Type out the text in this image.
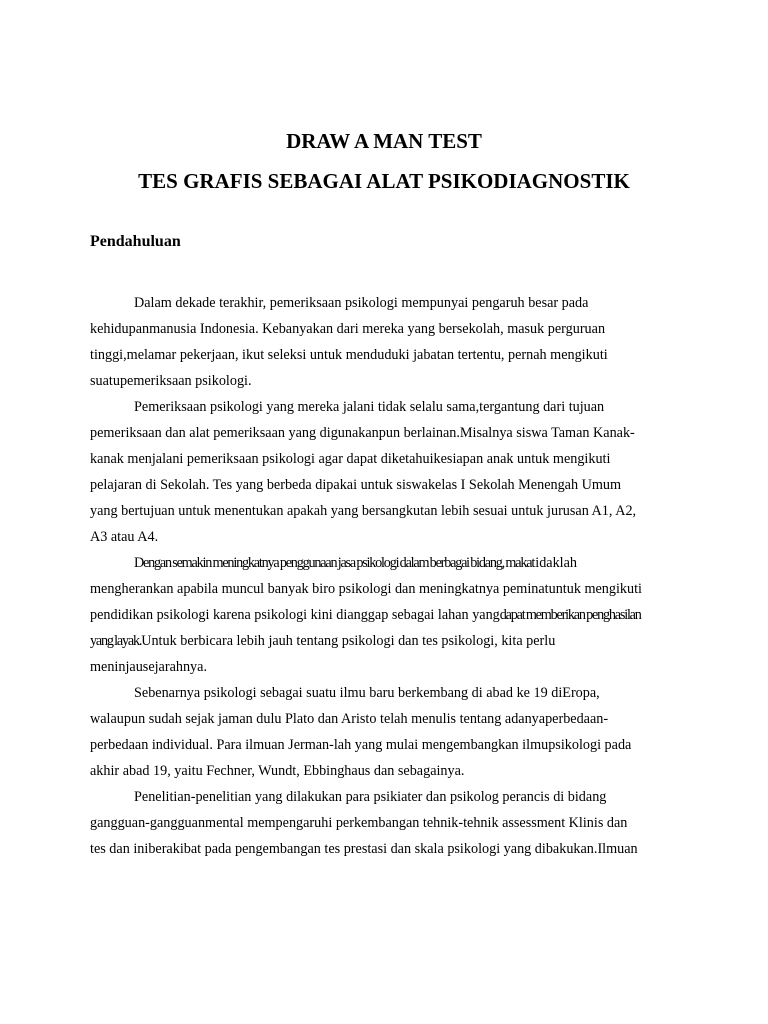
DRAW A MAN TEST
TES GRAFIS SEBAGAI ALAT PSIKODIAGNOSTIK
Pendahuluan
Dalam dekade terakhir, pemeriksaan psikologi mempunyai pengaruh besar pada
kehidupanmanusia Indonesia. Kebanyakan dari mereka yang bersekolah, masuk perguruan
tinggi,melamar pekerjaan, ikut seleksi untuk menduduki jabatan tertentu, pernah mengikuti
suatupemeriksaan psikologi.
Pemeriksaan psikologi yang mereka jalani tidak selalu sama,tergantung dari tujuan
pemeriksaan dan alat pemeriksaan yang digunakanpun berlainan.Misalnya siswa Taman Kanak-
kanak menjalani pemeriksaan psikologi agar dapat diketahuikesiapan anak untuk mengikuti
pelajaran di Sekolah. Tes yang berbeda dipakai untuk siswakelas I Sekolah Menengah Umum
yang bertujuan untuk menentukan apakah yang bersangkutan lebih sesuai untuk jurusan A1, A2,
A3 atau A4.
Dengan semakin meningkatnya penggunaan jasa psikologi dalam berbagai bidang, makatidaklah
mengherankan apabila muncul banyak biro psikologi dan meningkatnya peminatuntuk mengikuti
pendidikan psikologi karena psikologi kini dianggap sebagai lahan yangdapat memberikan penghasilan
yang layak.Untuk berbicara lebih jauh tentang psikologi dan tes psikologi, kita perlu
meninjausejarahnya.
Sebenarnya psikologi sebagai suatu ilmu baru berkembang di abad ke 19 diEropa,
walaupun sudah sejak jaman dulu Plato dan Aristo telah menulis tentang adanyaperbedaan-
perbedaan individual. Para ilmuan Jerman-lah yang mulai mengembangkan ilmupsikologi pada
akhir abad 19, yaitu Fechner, Wundt, Ebbinghaus dan sebagainya.
Penelitian-penelitian yang dilakukan para psikiater dan psikolog perancis di bidang
gangguan-gangguanmental mempengaruhi perkembangan tehnik-tehnik assessment Klinis dan
tes dan iniberakibat pada pengembangan tes prestasi dan skala psikologi yang dibakukan.Ilmuan
